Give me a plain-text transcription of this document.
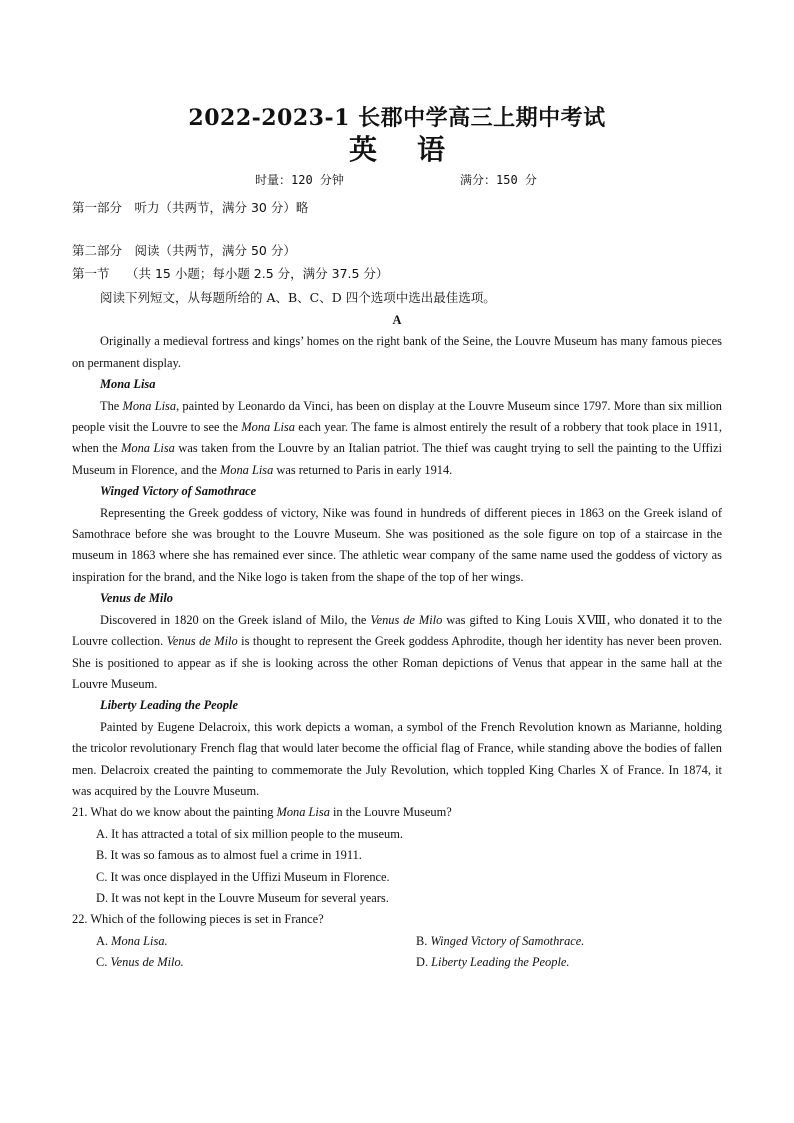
2022-2023-1 长郡中学高三上期中考试
英 语
时量：120 分钟	满分：150 分
第一部分　听力（共两节，满分 30 分）略
第二部分　阅读（共两节，满分 50 分）
第一节　 （共 15 小题；每小题 2.5 分，满分 37.5 分）
阅读下列短文，从每题所给的 A、B、C、D 四个选项中选出最佳选项。

A

Originally a medieval fortress and kings’ homes on the right bank of the Seine, the Louvre Museum has many famous pieces on permanent display.

Mona Lisa

The Mona Lisa, painted by Leonardo da Vinci, has been on display at the Louvre Museum since 1797. More than six million people visit the Louvre to see the Mona Lisa each year. The fame is almost entirely the result of a robbery that took place in 1911, when the Mona Lisa was taken from the Louvre by an Italian patriot. The thief was caught trying to sell the painting to the Uffizi Museum in Florence, and the Mona Lisa was returned to Paris in early 1914.

Winged Victory of Samothrace

Representing the Greek goddess of victory, Nike was found in hundreds of different pieces in 1863 on the Greek island of Samothrace before she was brought to the Louvre Museum. She was positioned as the sole figure on top of a staircase in the museum in 1863 where she has remained ever since. The athletic wear company of the same name used the goddess of victory as inspiration for the brand, and the Nike logo is taken from the shape of the top of her wings.

Venus de Milo

Discovered in 1820 on the Greek island of Milo, the Venus de Milo was gifted to King Louis XⅧ, who donated it to the Louvre collection. Venus de Milo is thought to represent the Greek goddess Aphrodite, though her identity has never been proven. She is positioned to appear as if she is looking across the other Roman depictions of Venus that appear in the same hall at the Louvre Museum.

Liberty Leading the People

Painted by Eugene Delacroix, this work depicts a woman, a symbol of the French Revolution known as Marianne, holding the tricolor revolutionary French flag that would later become the official flag of France, while standing above the bodies of fallen men. Delacroix created the painting to commemorate the July Revolution, which toppled King Charles X of France. In 1874, it was acquired by the Louvre Museum.

21. What do we know about the painting Mona Lisa in the Louvre Museum?

A. It has attracted a total of six million people to the museum.

B. It was so famous as to almost fuel a crime in 1911.

C. It was once displayed in the Uffizi Museum in Florence.

D. It was not kept in the Louvre Museum for several years.

22. Which of the following pieces is set in France?

A. Mona Lisa.	B. Winged Victory of Samothrace.
C. Venus de Milo.	D. Liberty Leading the People.
